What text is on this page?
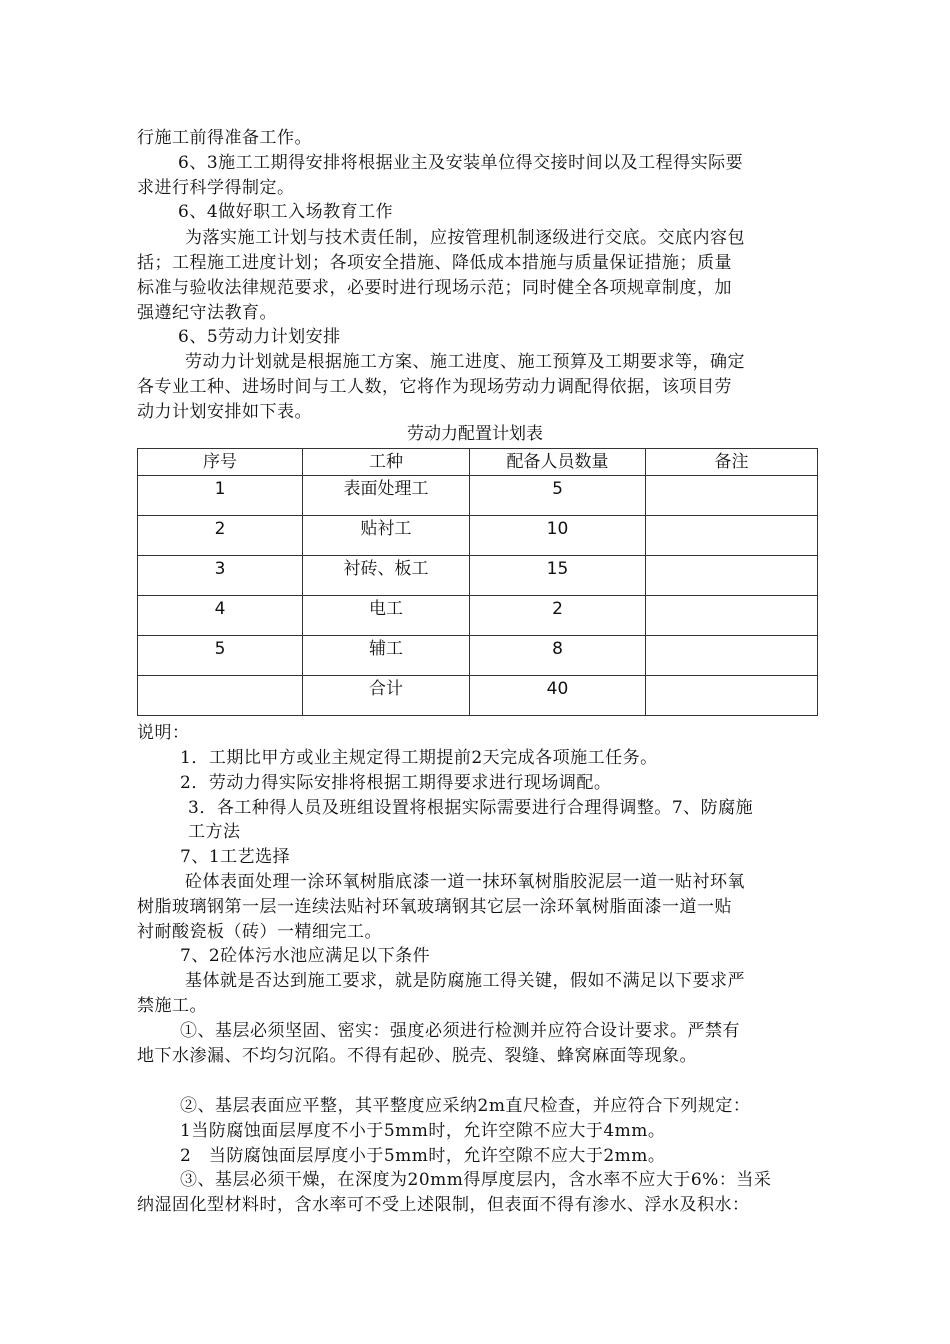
行施工前得准备工作。
6、3施工工期得安排将根据业主及安装单位得交接时间以及工程得实际要
求进行科学得制定。
6、4做好职工入场教育工作
为落实施工计划与技术责任制，应按管理机制逐级进行交底。交底内容包
括；工程施工进度计划；各项安全措施、降低成本措施与质量保证措施；质量
标准与验收法律规范要求，必要时进行现场示范；同时健全各项规章制度，加
强遵纪守法教育。
6、5劳动力计划安排
劳动力计划就是根据施工方案、施工进度、施工预算及工期要求等，确定
各专业工种、进场时间与工人数，它将作为现场劳动力调配得依据，该项目劳
动力计划安排如下表。
劳动力配置计划表
序号	工种	配备人员数量	备注
1	表面处理工	5	
2	贴衬工	10	
3	衬砖、板工	15	
4	电工	2	
5	辅工	8	
	合计	40	
说明：
1．工期比甲方或业主规定得工期提前2天完成各项施工任务。
2．劳动力得实际安排将根据工期得要求进行现场调配。
3．各工种得人员及班组设置将根据实际需要进行合理得调整。7、防腐施
工方法
7、1工艺选择
砼体表面处理一涂环氧树脂底漆一道一抹环氧树脂胶泥层一道一贴衬环氧
树脂玻璃钢第一层一连续法贴衬环氧玻璃钢其它层一涂环氧树脂面漆一道一贴
衬耐酸瓷板（砖）一精细完工。
7、2砼体污水池应满足以下条件
基体就是否达到施工要求，就是防腐施工得关键，假如不满足以下要求严
禁施工。
①、基层必须坚固、密实：强度必须进行检测并应符合设计要求。严禁有
地下水渗漏、不均匀沉陷。不得有起砂、脱壳、裂缝、蜂窝麻面等现象。
②、基层表面应平整，其平整度应采纳2m直尺检查，并应符合下列规定：
1当防腐蚀面层厚度不小于5mm时，允许空隙不应大于4mm。
2　当防腐蚀面层厚度小于5mm时，允许空隙不应大于2mm。
③、基层必须干燥，在深度为20mm得厚度层内，含水率不应大于6%：当采
纳湿固化型材料时，含水率可不受上述限制，但表面不得有渗水、浮水及积水：
